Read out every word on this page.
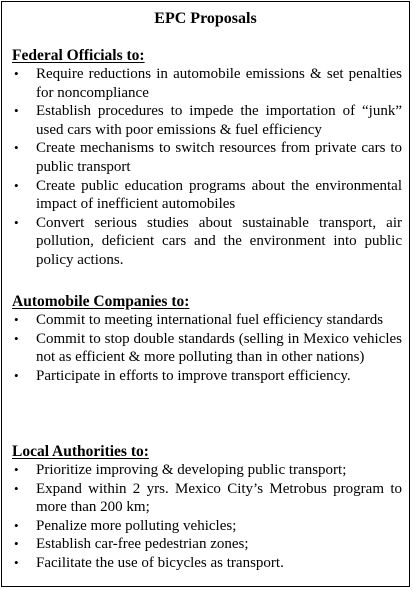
EPC Proposals
Federal Officials to:
• Require reductions in automobile emissions & set penalties for noncompliance
• Establish procedures to impede the importation of “junk” used cars with poor emissions & fuel efficiency
• Create mechanisms to switch resources from private cars to public transport
• Create public education programs about the environmental impact of inefficient automobiles
• Convert serious studies about sustainable transport, air pollution, deficient cars and the environment into public policy actions.
Automobile Companies to:
• Commit to meeting international fuel efficiency standards
• Commit to stop double standards (selling in Mexico vehicles not as efficient & more polluting than in other nations)
• Participate in efforts to improve transport efficiency.
Local Authorities to:
• Prioritize improving & developing public transport;
• Expand within 2 yrs. Mexico City’s Metrobus program to more than 200 km;
• Penalize more polluting vehicles;
• Establish car-free pedestrian zones;
• Facilitate the use of bicycles as transport.
